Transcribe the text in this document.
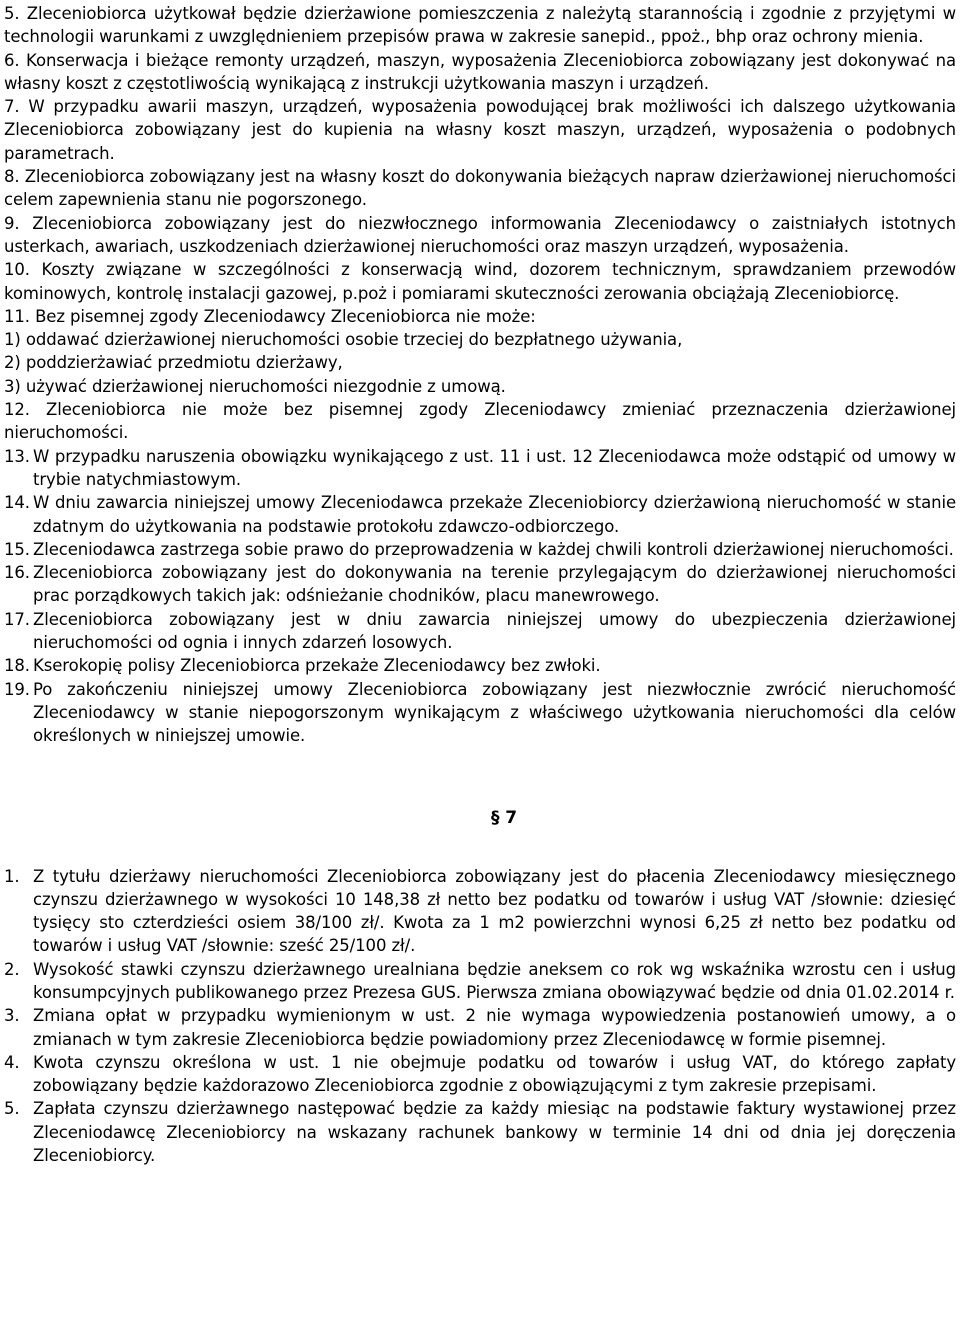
5. Zleceniobiorca użytkował będzie dzierżawione pomieszczenia z należytą starannością i zgodnie z przyjętymi w technologii warunkami z uwzględnieniem przepisów prawa w zakresie sanepid., ppoż., bhp oraz ochrony mienia.

6. Konserwacja i bieżące remonty urządzeń, maszyn, wyposażenia Zleceniobiorca zobowiązany jest dokonywać na własny koszt z częstotliwością wynikającą z instrukcji użytkowania maszyn i urządzeń.

7. W przypadku awarii maszyn, urządzeń, wyposażenia powodującej brak możliwości ich dalszego użytkowania Zleceniobiorca zobowiązany jest do kupienia na własny koszt maszyn, urządzeń, wyposażenia o podobnych parametrach.

8. Zleceniobiorca zobowiązany jest na własny koszt do dokonywania bieżących napraw dzierżawionej nieruchomości celem zapewnienia stanu nie pogorszonego.

9. Zleceniobiorca zobowiązany jest do niezwłocznego informowania Zleceniodawcy o zaistniałych istotnych usterkach, awariach, uszkodzeniach dzierżawionej nieruchomości oraz maszyn urządzeń, wyposażenia.

10. Koszty związane w szczególności z konserwacją wind, dozorem technicznym, sprawdzaniem przewodów kominowych, kontrolę instalacji gazowej, p.poż i pomiarami skuteczności zerowania obciążają Zleceniobiorcę.

11. Bez pisemnej zgody Zleceniodawcy Zleceniobiorca nie może:

1) oddawać dzierżawionej nieruchomości osobie trzeciej do bezpłatnego używania,

2) poddzierżawiać przedmiotu dzierżawy,

3) używać dzierżawionej nieruchomości niezgodnie z umową.

12. Zleceniobiorca nie może bez pisemnej zgody Zleceniodawcy zmieniać przeznaczenia dzierżawionej nieruchomości.

13. W przypadku naruszenia obowiązku wynikającego z ust. 11 i ust. 12 Zleceniodawca może odstąpić od umowy w trybie natychmiastowym.
14. W dniu zawarcia niniejszej umowy Zleceniodawca przekaże Zleceniobiorcy dzierżawioną nieruchomość w stanie zdatnym do użytkowania na podstawie protokołu zdawczo-odbiorczego.
15. Zleceniodawca zastrzega sobie prawo do przeprowadzenia w każdej chwili kontroli dzierżawionej nieruchomości.
16. Zleceniobiorca zobowiązany jest do dokonywania na terenie przylegającym do dzierżawionej nieruchomości prac porządkowych takich jak: odśnieżanie chodników, placu manewrowego.
17. Zleceniobiorca zobowiązany jest w dniu zawarcia niniejszej umowy do ubezpieczenia dzierżawionej nieruchomości od ognia i innych zdarzeń losowych.
18. Kserokopię polisy Zleceniobiorca przekaże Zleceniodawcy bez zwłoki.
19. Po zakończeniu niniejszej umowy Zleceniobiorca zobowiązany jest niezwłocznie zwrócić nieruchomość Zleceniodawcy w stanie niepogorszonym wynikającym z właściwego użytkowania nieruchomości dla celów określonych w niniejszej umowie.
§ 7
1. Z tytułu dzierżawy nieruchomości Zleceniobiorca zobowiązany jest do płacenia Zleceniodawcy miesięcznego czynszu dzierżawnego w wysokości 10 148,38 zł netto bez podatku od towarów i usług VAT /słownie: dziesięć tysięcy sto czterdzieści osiem 38/100 zł/. Kwota za 1 m2 powierzchni wynosi 6,25 zł netto bez podatku od towarów i usług VAT /słownie: sześć 25/100 zł/.
2. Wysokość stawki czynszu dzierżawnego urealniana będzie aneksem co rok wg wskaźnika wzrostu cen i usług konsumpcyjnych publikowanego przez Prezesa GUS. Pierwsza zmiana obowiązywać będzie od dnia 01.02.2014 r.
3. Zmiana opłat w przypadku wymienionym w ust. 2 nie wymaga wypowiedzenia postanowień umowy, a o zmianach w tym zakresie Zleceniobiorca będzie powiadomiony przez Zleceniodawcę w formie pisemnej.
4. Kwota czynszu określona w ust. 1 nie obejmuje podatku od towarów i usług VAT, do którego zapłaty zobowiązany będzie każdorazowo Zleceniobiorca zgodnie z obowiązującymi z tym zakresie przepisami.
5. Zapłata czynszu dzierżawnego następować będzie za każdy miesiąc na podstawie faktury wystawionej przez Zleceniodawcę Zleceniobiorcy na wskazany rachunek bankowy w terminie 14 dni od dnia jej doręczenia Zleceniobiorcy.
